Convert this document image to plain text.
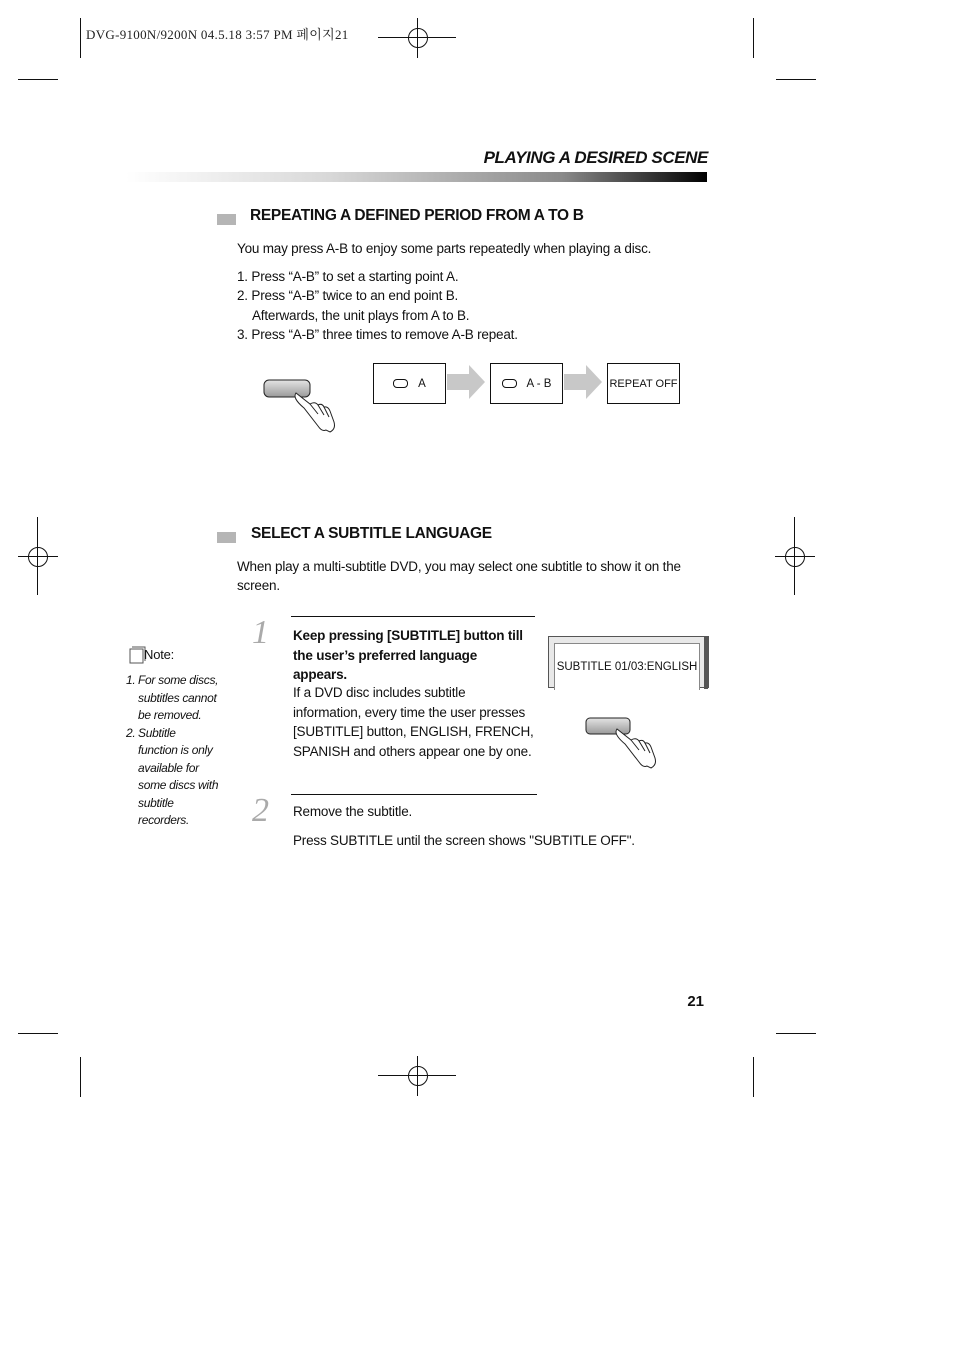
DVG-9100N/9200N 04.5.18 3:57 PM 페이지21
PLAYING A DESIRED SCENE
REPEATING A DEFINED PERIOD FROM A TO B
You may press A-B to enjoy some parts repeatedly when playing a disc.
1. Press “A-B” to set a starting point A.
2. Press “A-B” twice to an end point B.
Afterwards, the unit plays from A to B.
3. Press “A-B” three times to remove A-B repeat.
A	A - B	REPEAT OFF
SELECT A SUBTITLE LANGUAGE
When play a multi-subtitle DVD, you may select one subtitle to show it on the
screen.
1 Keep pressing [SUBTITLE] button till
the user’s preferred language
appears.
If a DVD disc includes subtitle
information, every time the user presses
[SUBTITLE] button, ENGLISH, FRENCH,
SPANISH and others appear one by one.
SUBTITLE 01/03:ENGLISH
2 Remove the subtitle.
Press SUBTITLE until the screen shows "SUBTITLE OFF".
Note:
1. For some discs,
subtitles cannot
be removed.
2. Subtitle
function is only
available for
some discs with
subtitle
recorders.
21
